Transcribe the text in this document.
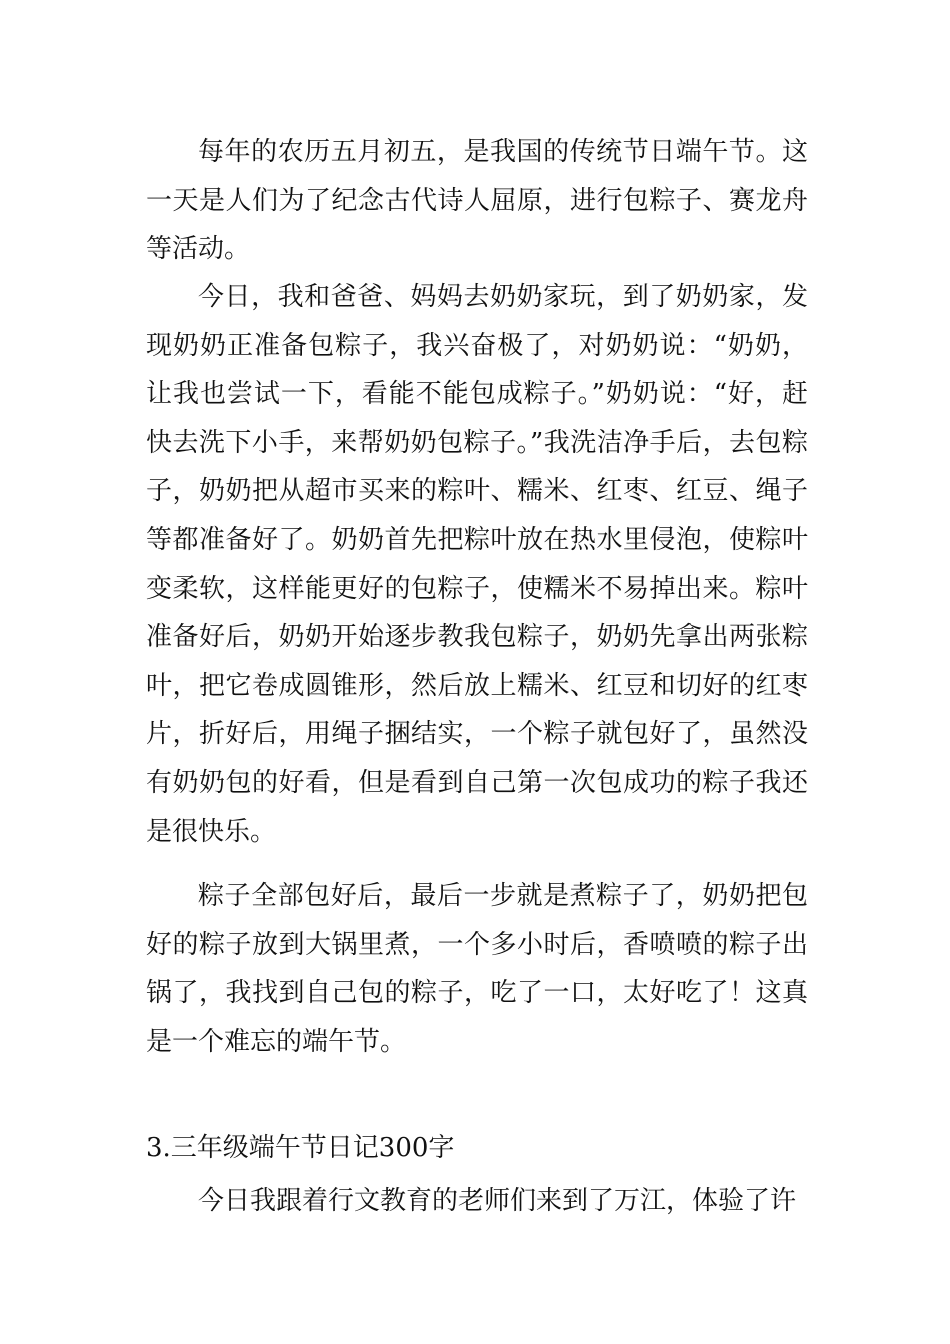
每年的农历五月初五，是我国的传统节日端午节。这一天是人们为了纪念古代诗人屈原，进行包粽子、赛龙舟等活动。

今日，我和爸爸、妈妈去奶奶家玩，到了奶奶家，发现奶奶正准备包粽子，我兴奋极了，对奶奶说：“奶奶，让我也尝试一下，看能不能包成粽子。”奶奶说：“好，赶快去洗下小手，来帮奶奶包粽子。”我洗洁净手后，去包粽子，奶奶把从超市买来的粽叶、糯米、红枣、红豆、绳子等都准备好了。奶奶首先把粽叶放在热水里侵泡，使粽叶变柔软，这样能更好的包粽子，使糯米不易掉出来。粽叶准备好后，奶奶开始逐步教我包粽子，奶奶先拿出两张粽叶，把它卷成圆锥形，然后放上糯米、红豆和切好的红枣片，折好后，用绳子捆结实，一个粽子就包好了，虽然没有奶奶包的好看，但是看到自己第一次包成功的粽子我还是很快乐。

粽子全部包好后，最后一步就是煮粽子了，奶奶把包好的粽子放到大锅里煮，一个多小时后，香喷喷的粽子出锅了，我找到自己包的粽子，吃了一口，太好吃了！这真是一个难忘的端午节。

3.三年级端午节日记300字

今日我跟着行文教育的老师们来到了万江，体验了许
